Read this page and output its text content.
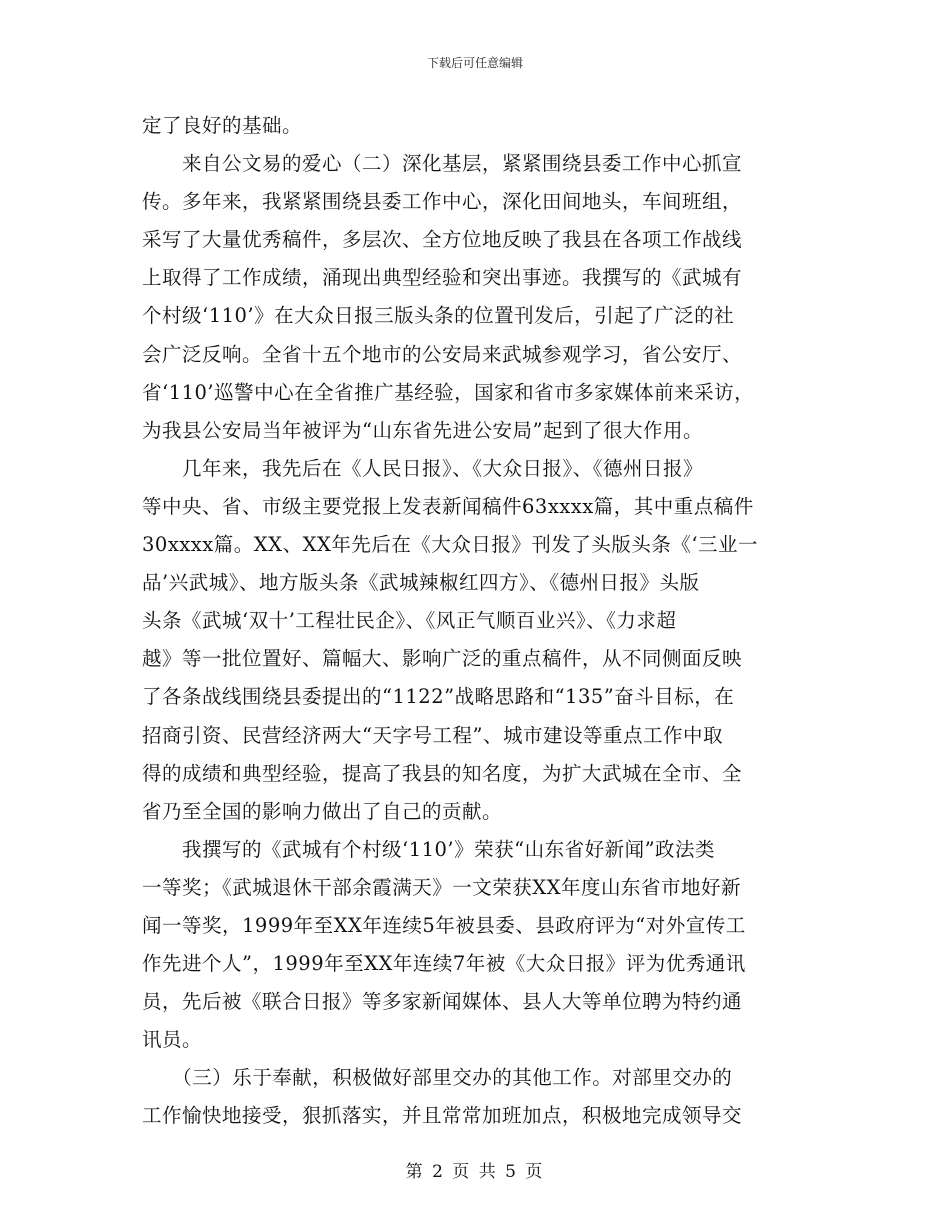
下载后可任意编辑
定了良好的基础。
　　来自公文易的爱心（二）深化基层，紧紧围绕县委工作中心抓宣
传。多年来，我紧紧围绕县委工作中心，深化田间地头，车间班组，
采写了大量优秀稿件，多层次、全方位地反映了我县在各项工作战线
上取得了工作成绩，涌现出典型经验和突出事迹。我撰写的《武城有
个村级‘110’》在大众日报三版头条的位置刊发后，引起了广泛的社
会广泛反响。全省十五个地市的公安局来武城参观学习，省公安厅、
省‘110’巡警中心在全省推广基经验，国家和省市多家媒体前来采访，
为我县公安局当年被评为“山东省先进公安局”起到了很大作用。
　　几年来，我先后在《人民日报》、《大众日报》、《德州日报》
等中央、省、市级主要党报上发表新闻稿件63xxxx篇，其中重点稿件
30xxxx篇。XX、XX年先后在《大众日报》刊发了头版头条《‘三业一
品’兴武城》、地方版头条《武城辣椒红四方》、《德州日报》头版
头条《武城‘双十’工程壮民企》、《风正气顺百业兴》、《力求超
越》等一批位置好、篇幅大、影响广泛的重点稿件，从不同侧面反映
了各条战线围绕县委提出的“1122”战略思路和“135”奋斗目标，在
招商引资、民营经济两大“天字号工程”、城市建设等重点工作中取
得的成绩和典型经验，提高了我县的知名度，为扩大武城在全市、全
省乃至全国的影响力做出了自己的贡献。
　　我撰写的《武城有个村级‘110’》荣获“山东省好新闻”政法类
一等奖；《武城退休干部余霞满天》一文荣获XX年度山东省市地好新
闻一等奖，1999年至XX年连续5年被县委、县政府评为“对外宣传工
作先进个人”，1999年至XX年连续7年被《大众日报》评为优秀通讯
员，先后被《联合日报》等多家新闻媒体、县人大等单位聘为特约通
讯员。
　　（三）乐于奉献，积极做好部里交办的其他工作。对部里交办的
工作愉快地接受，狠抓落实，并且常常加班加点，积极地完成领导交
第 2 页 共 5 页
